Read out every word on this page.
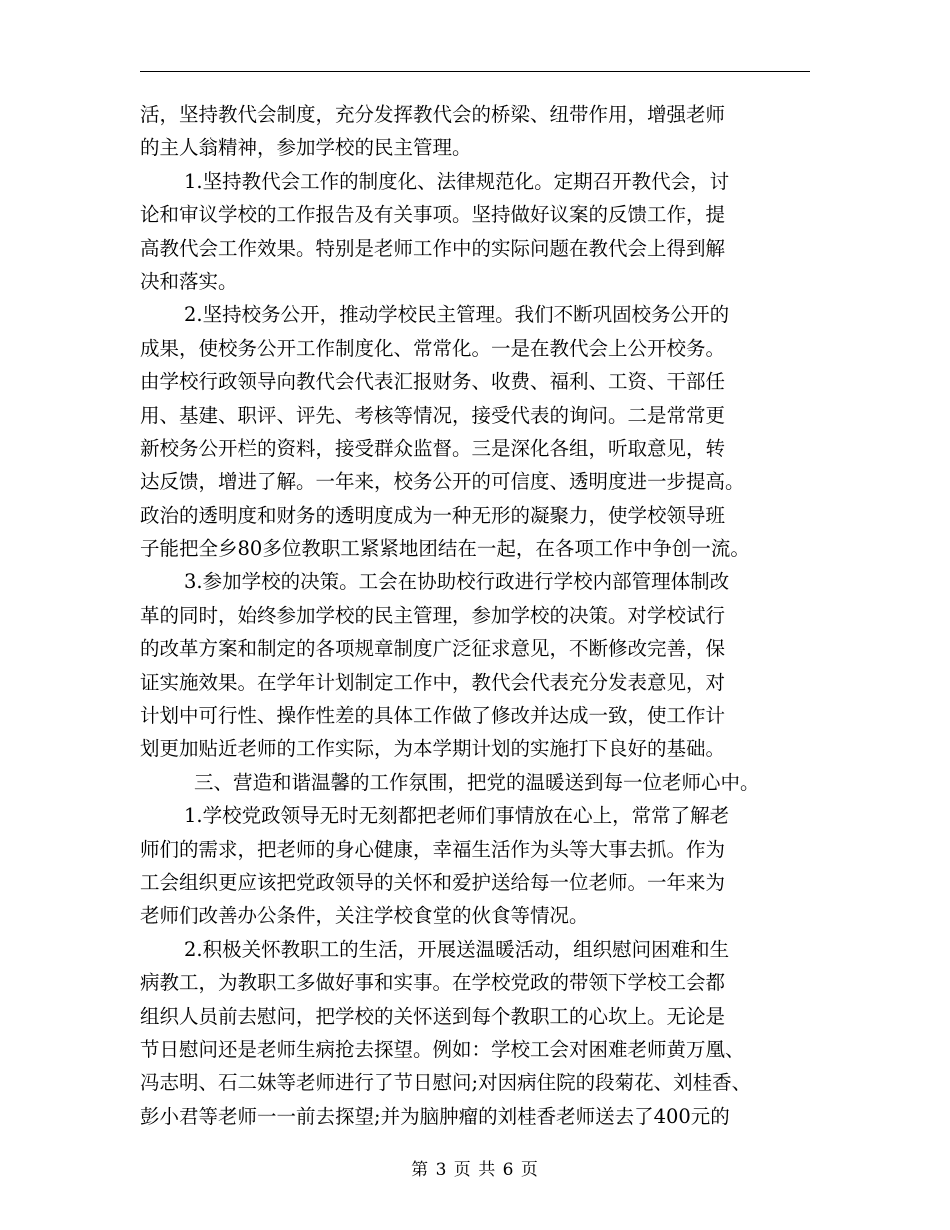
活，坚持教代会制度，充分发挥教代会的桥梁、纽带作用，增强老师
的主人翁精神，参加学校的民主管理。
1.坚持教代会工作的制度化、法律规范化。定期召开教代会，讨
论和审议学校的工作报告及有关事项。坚持做好议案的反馈工作，提
高教代会工作效果。特别是老师工作中的实际问题在教代会上得到解
决和落实。
2.坚持校务公开，推动学校民主管理。我们不断巩固校务公开的
成果，使校务公开工作制度化、常常化。一是在教代会上公开校务。
由学校行政领导向教代会代表汇报财务、收费、福利、工资、干部任
用、基建、职评、评先、考核等情况，接受代表的询问。二是常常更
新校务公开栏的资料，接受群众监督。三是深化各组，听取意见，转
达反馈，增进了解。一年来，校务公开的可信度、透明度进一步提高。
政治的透明度和财务的透明度成为一种无形的凝聚力，使学校领导班
子能把全乡80多位教职工紧紧地团结在一起，在各项工作中争创一流。
3.参加学校的决策。工会在协助校行政进行学校内部管理体制改
革的同时，始终参加学校的民主管理，参加学校的决策。对学校试行
的改革方案和制定的各项规章制度广泛征求意见，不断修改完善，保
证实施效果。在学年计划制定工作中，教代会代表充分发表意见，对
计划中可行性、操作性差的具体工作做了修改并达成一致，使工作计
划更加贴近老师的工作实际，为本学期计划的实施打下良好的基础。
三、营造和谐温馨的工作氛围，把党的温暖送到每一位老师心中。
1.学校党政领导无时无刻都把老师们事情放在心上，常常了解老
师们的需求，把老师的身心健康，幸福生活作为头等大事去抓。作为
工会组织更应该把党政领导的关怀和爱护送给每一位老师。一年来为
老师们改善办公条件，关注学校食堂的伙食等情况。
2.积极关怀教职工的生活，开展送温暖活动，组织慰问困难和生
病教工，为教职工多做好事和实事。在学校党政的带领下学校工会都
组织人员前去慰问，把学校的关怀送到每个教职工的心坎上。无论是
节日慰问还是老师生病抢去探望。例如：学校工会对困难老师黄万凰、
冯志明、石二妹等老师进行了节日慰问;对因病住院的段菊花、刘桂香、
彭小君等老师一一前去探望;并为脑肿瘤的刘桂香老师送去了400元的
第 3 页 共 6 页
